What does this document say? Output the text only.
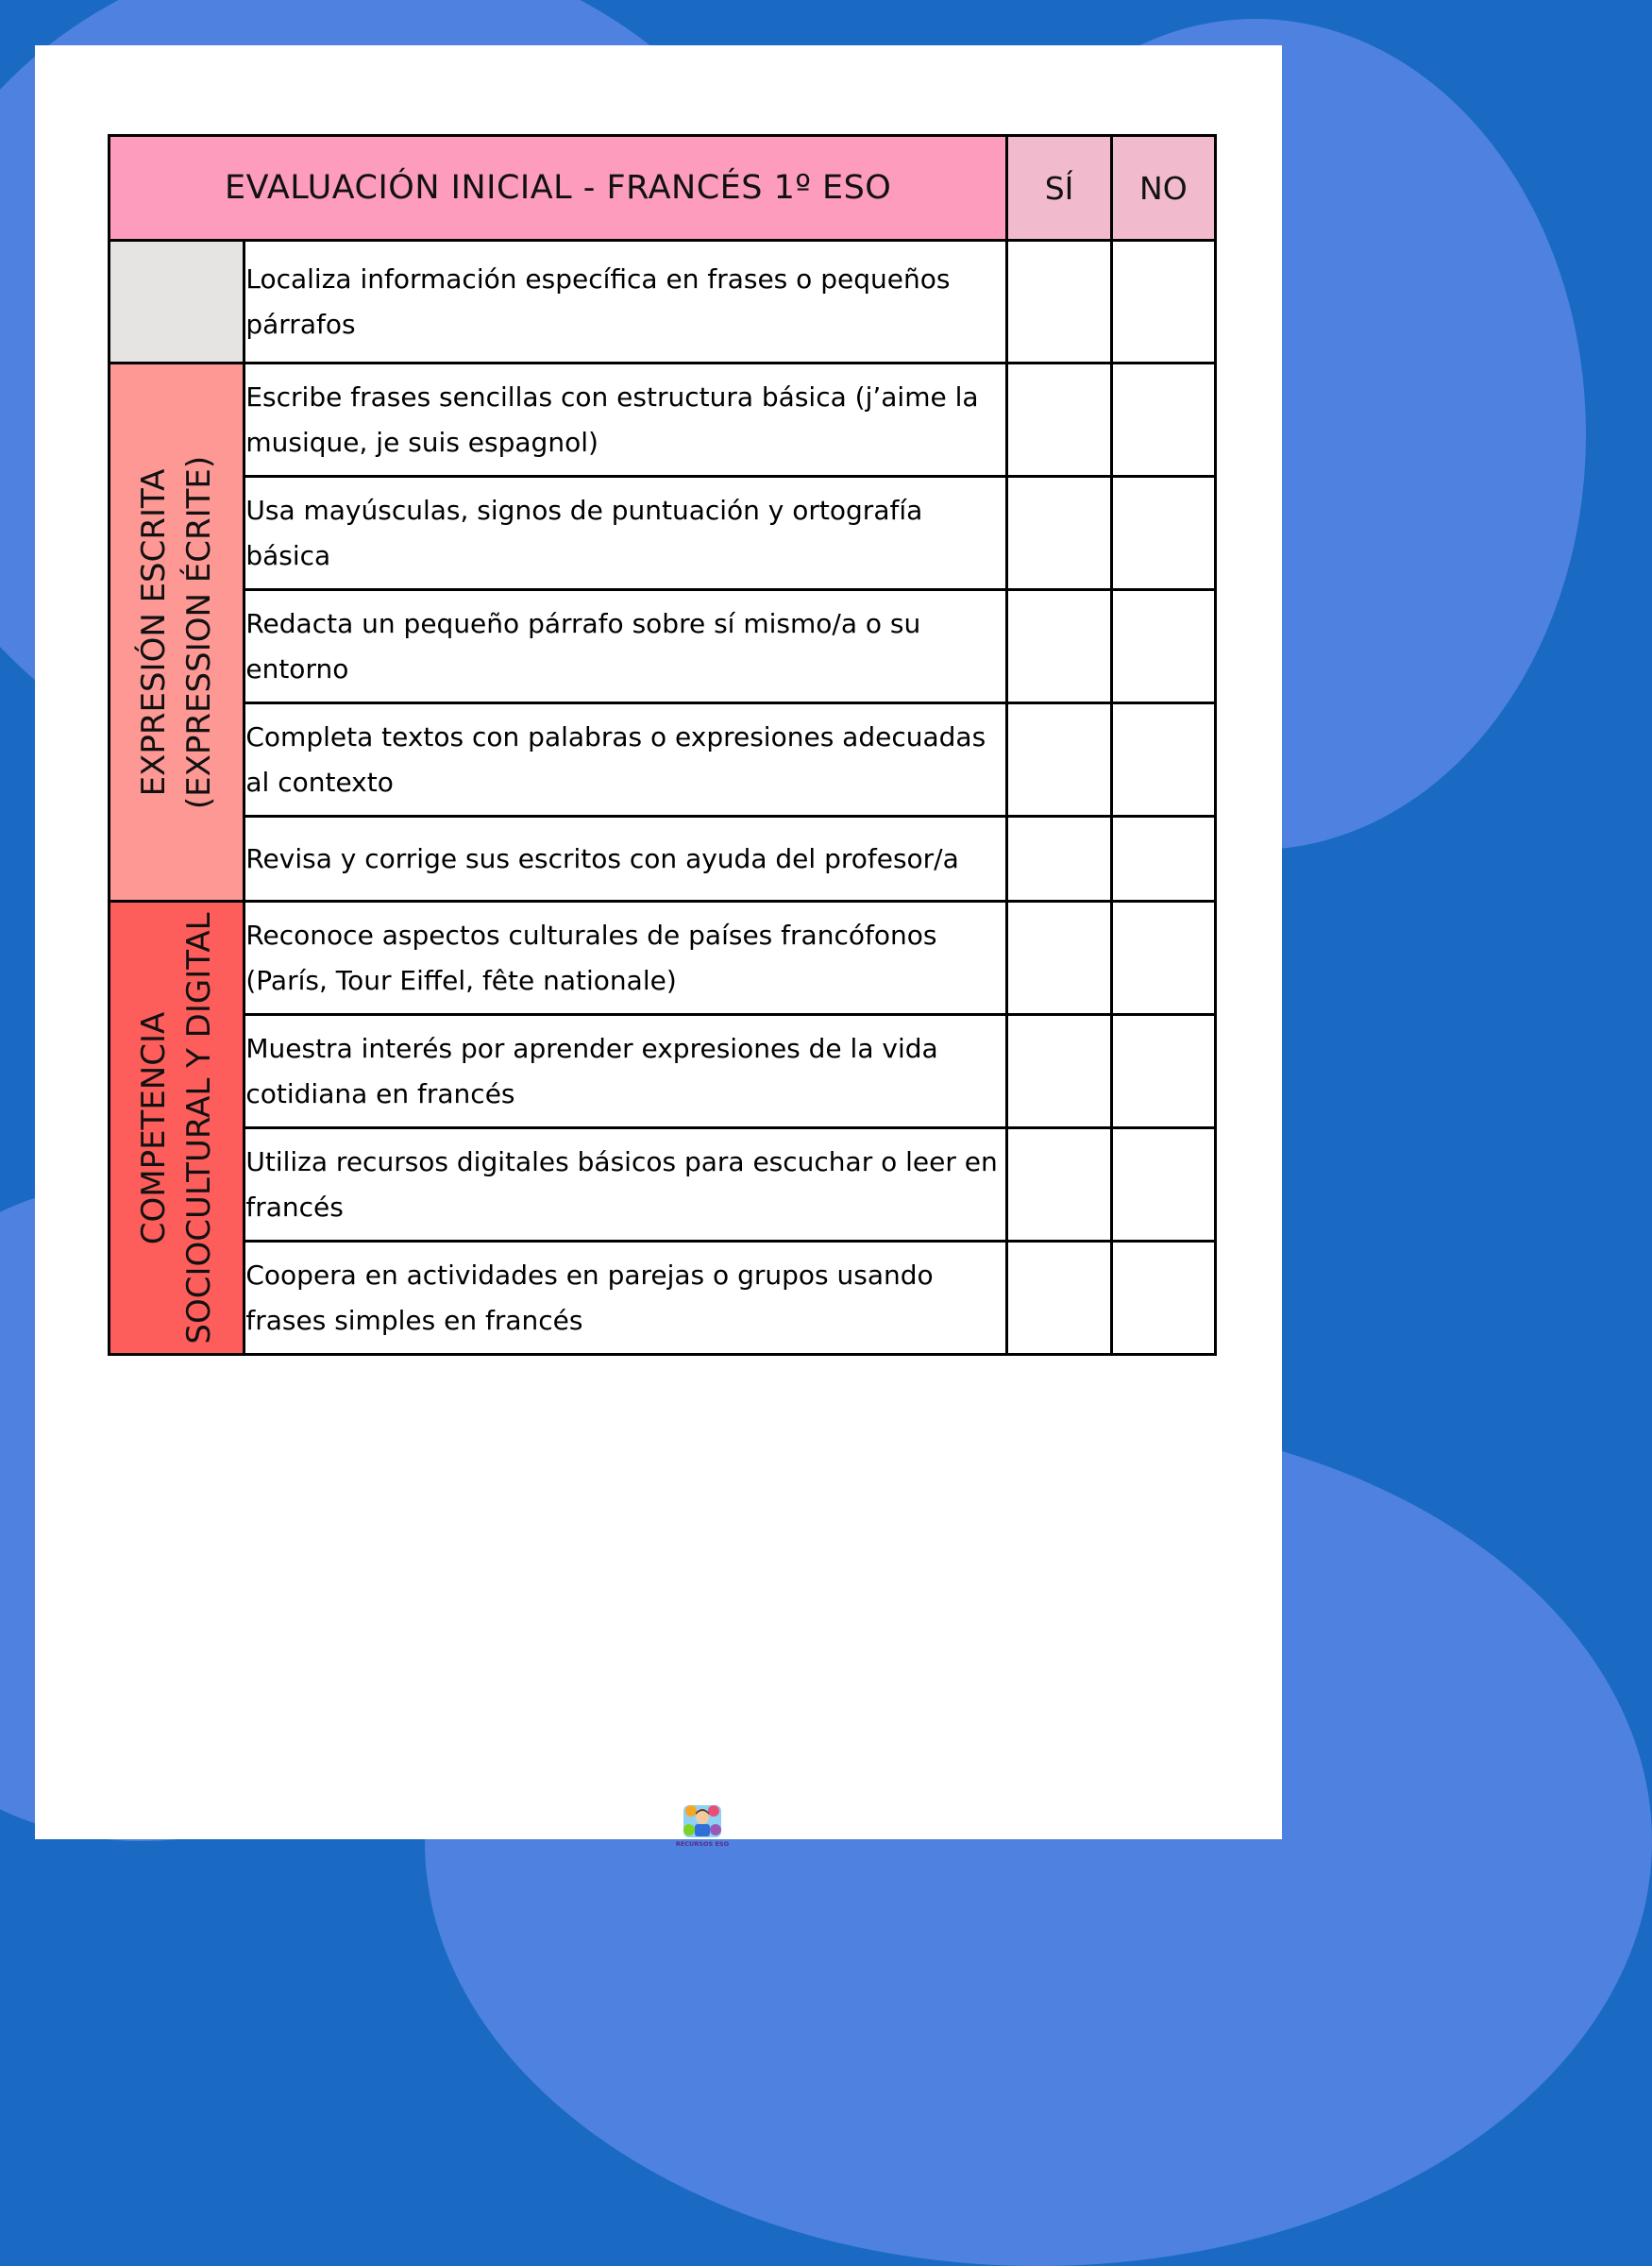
EVALUACIÓN INICIAL - FRANCÉS 1º ESO		SÍ	NO
	Localiza información específica en frases o pequeños párrafos		

EXPRESIÓN ESCRITA (EXPRESSION ÉCRITE)	Escribe frases sencillas con estructura básica (j’aime la musique, je suis espagnol)		
	Usa mayúsculas, signos de puntuación y ortografía básica		
	Redacta un pequeño párrafo sobre sí mismo/a o su entorno		
	Completa textos con palabras o expresiones adecuadas al contexto		
	Revisa y corrige sus escritos con ayuda del profesor/a		

COMPETENCIA SOCIOCULTURAL Y DIGITAL	Reconoce aspectos culturales de países francófonos (París, Tour Eiffel, fête nationale)		
	Muestra interés por aprender expresiones de la vida cotidiana en francés		
	Utiliza recursos digitales básicos para escuchar o leer en francés		
	Coopera en actividades en parejas o grupos usando frases simples en francés		
RECURSOS ESO
